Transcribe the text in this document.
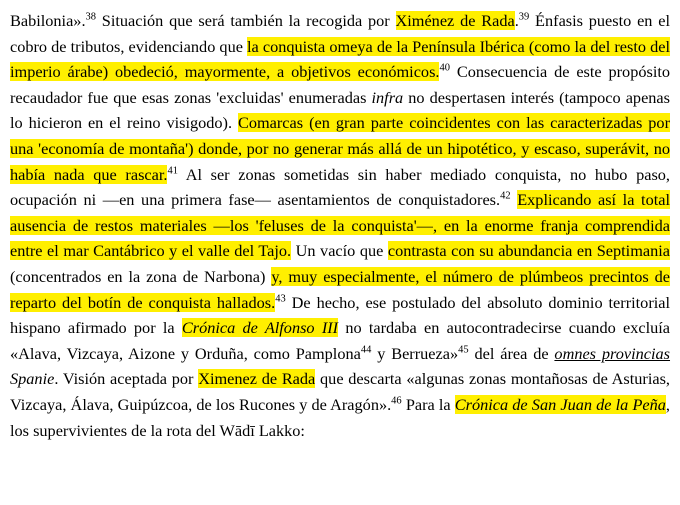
Babilonia».$^{38}$ Situación que será también la recogida por Ximénez de Rada.$^{39}$ Énfasis puesto en el cobro de tributos, evidenciando que la conquista omeya de la Península Ibérica (como la del resto del imperio árabe) obedeció, mayormente, a objetivos económicos.$^{40}$ Consecuencia de este propósito recaudador fue que esas zonas 'excluidas' enumeradas infra no despertasen interés (tampoco apenas lo hicieron en el reino visigodo). Comarcas (en gran parte coincidentes con las caracterizadas por una 'economía de montaña') donde, por no generar más allá de un hipotético, y escaso, superávit, no había nada que rascar.$^{41}$ Al ser zonas sometidas sin haber mediado conquista, no hubo paso, ocupación ni —en una primera fase— asentamientos de conquistadores.$^{42}$ Explicando así la total ausencia de restos materiales —los 'feluses de la conquista'—, en la enorme franja comprendida entre el mar Cantábrico y el valle del Tajo. Un vacío que contrasta con su abundancia en Septimania (concentrados en la zona de Narbona) y, muy especialmente, el número de plúmbeos precintos de reparto del botín de conquista hallados.$^{43}$ De hecho, ese postulado del absoluto dominio territorial hispano afirmado por la Crónica de Alfonso III no tardaba en autocontradecirse cuando excluía «Alava, Vizcaya, Aizone y Orduña, como Pamplona$^{44}$ y Berrueza»$^{45}$ del área de omnes provincias Spanie. Visión aceptada por Ximenez de Rada que descarta «algunas zonas montañosas de Asturias, Vizcaya, Álava, Guipúzcoa, de los Rucones y de Aragón».$^{46}$ Para la Crónica de San Juan de la Peña, los supervivientes de la rota del Wādī Lakko:
